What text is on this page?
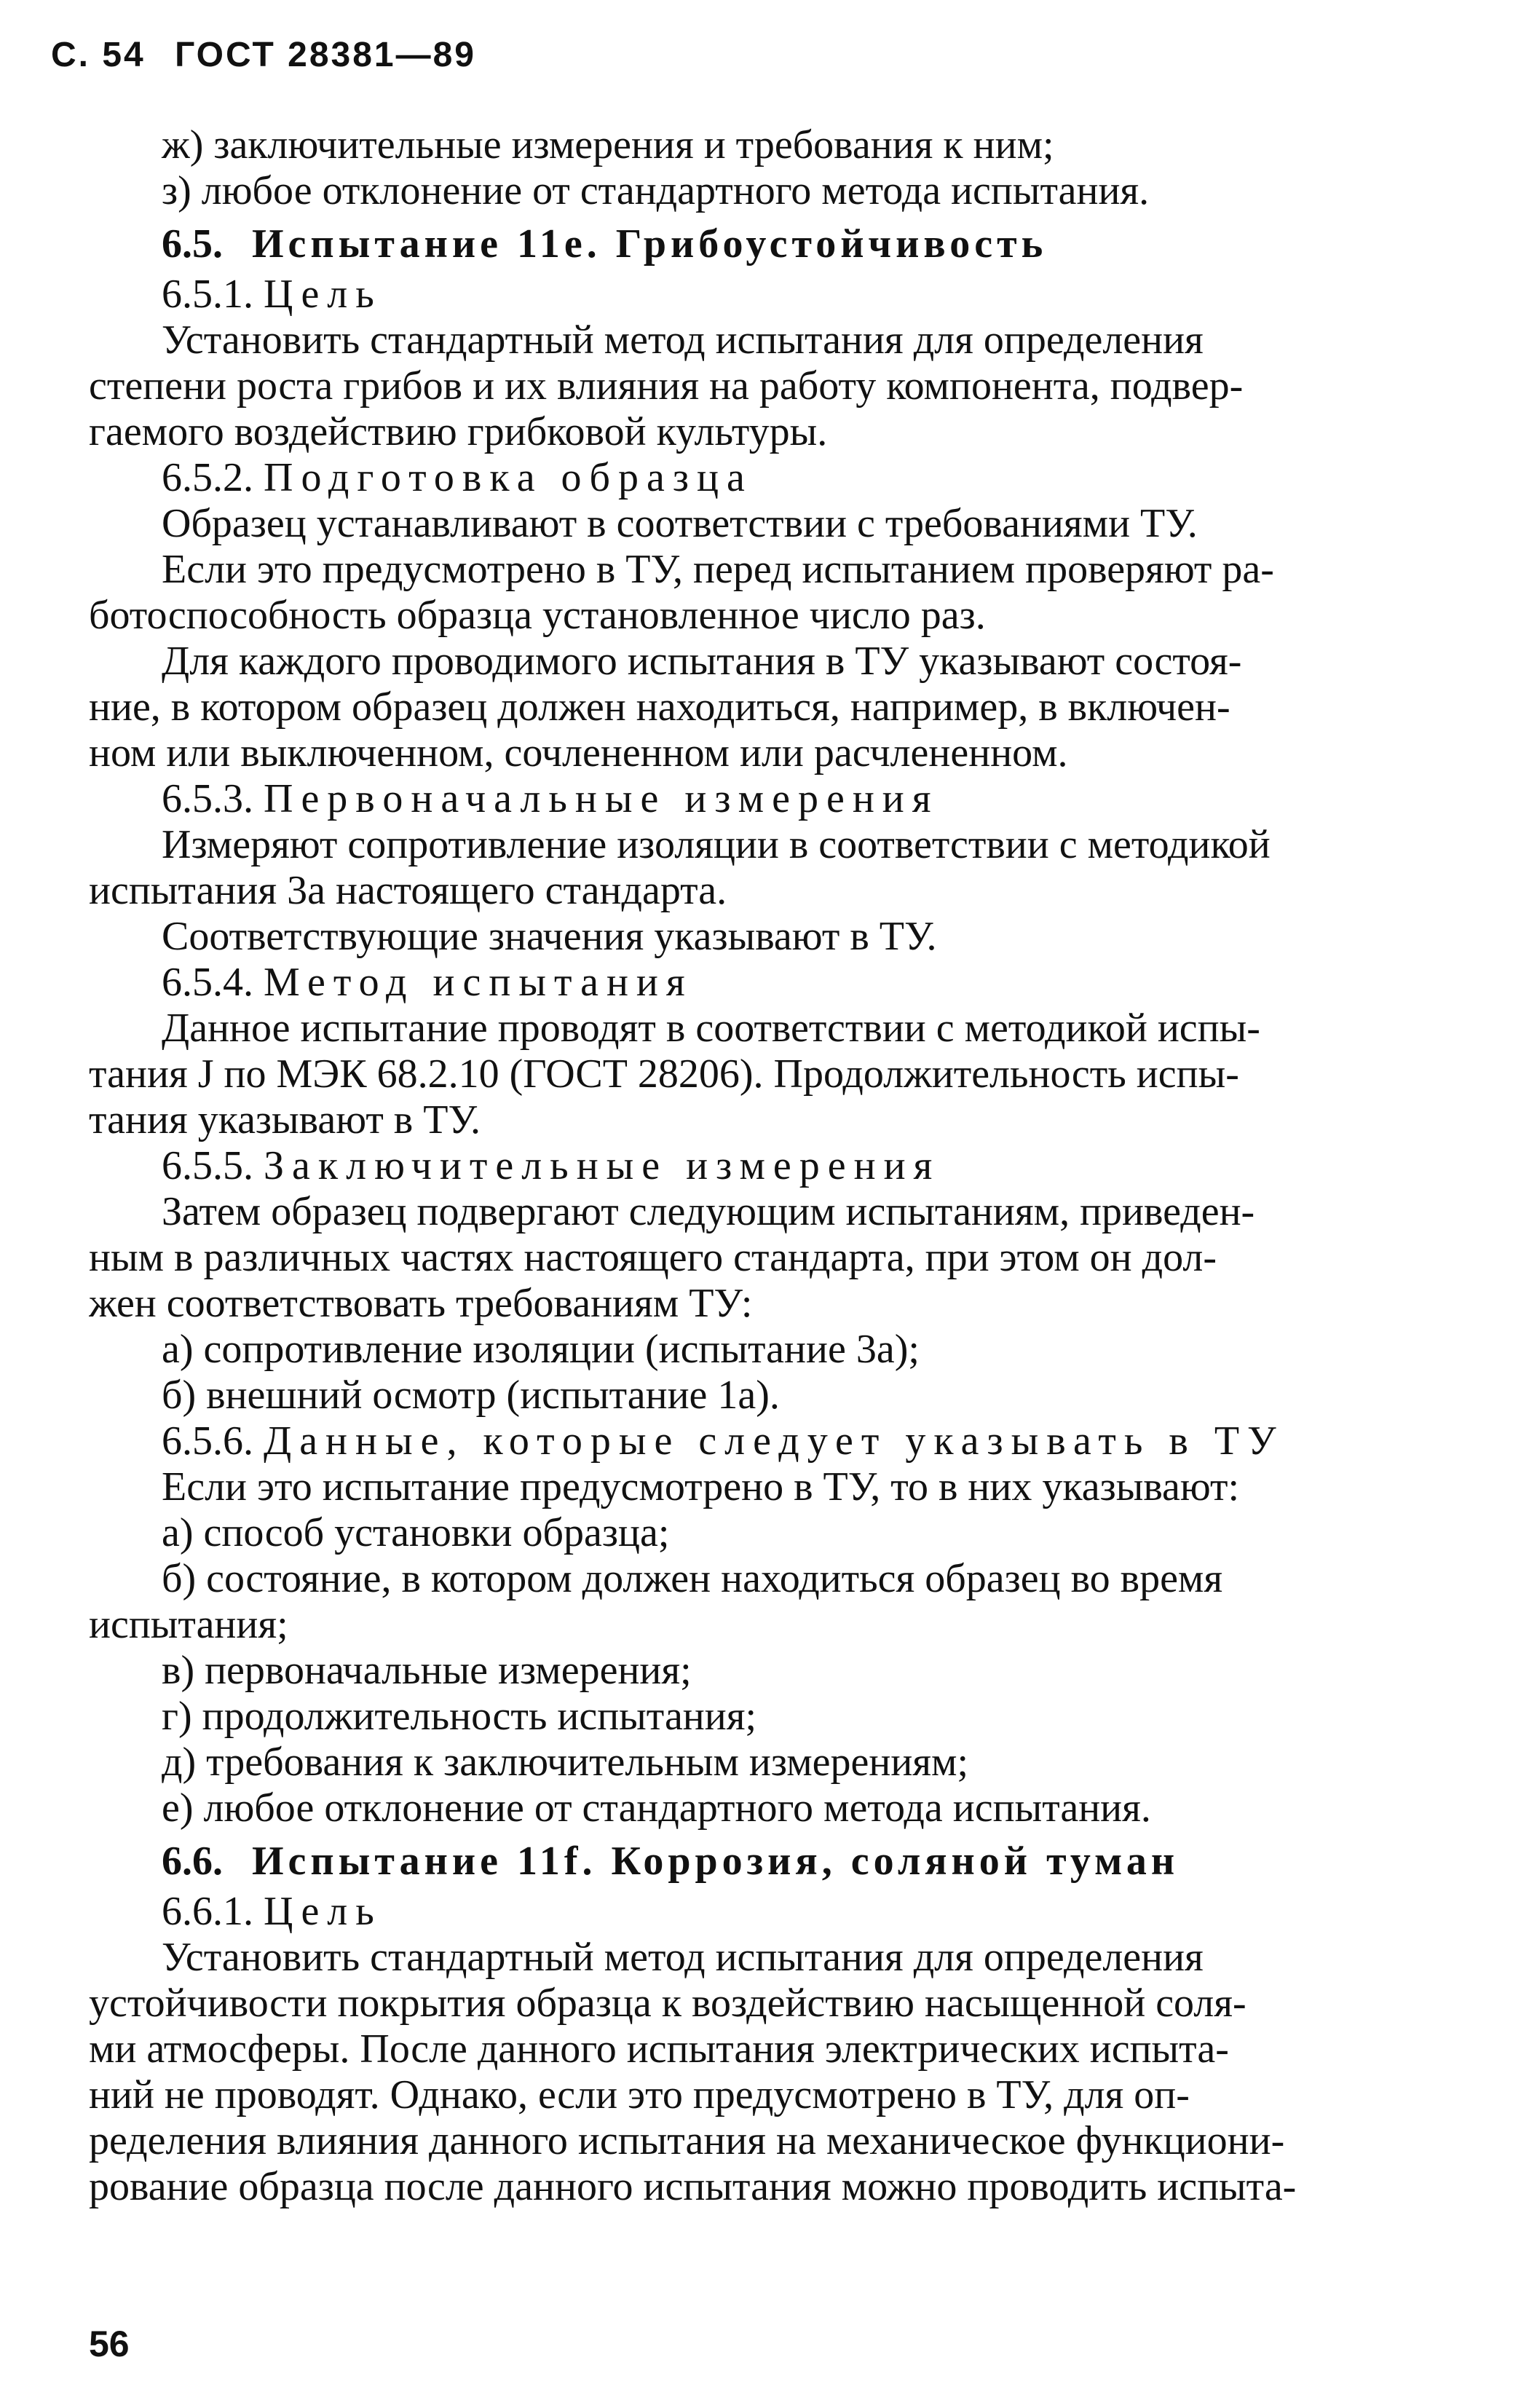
С. 54 ГОСТ 28381—89
ж) заключительные измерения и требования к ним;
з) любое отклонение от стандартного метода испытания.
6.5. Испытание 11е. Грибоустойчивость
6.5.1. Цель
Установить стандартный метод испытания для определения
степени роста грибов и их влияния на работу компонента, подвер-
гаемого воздействию грибковой культуры.
6.5.2. Подготовка образца
Образец устанавливают в соответствии с требованиями ТУ.
Если это предусмотрено в ТУ, перед испытанием проверяют ра-
ботоспособность образца установленное число раз.
Для каждого проводимого испытания в ТУ указывают состоя-
ние, в котором образец должен находиться, например, в включен-
ном или выключенном, сочлененном или расчлененном.
6.5.3. Первоначальные измерения
Измеряют сопротивление изоляции в соответствии с методикой
испытания 3а настоящего стандарта.
Соответствующие значения указывают в ТУ.
6.5.4. Метод испытания
Данное испытание проводят в соответствии с методикой испы-
тания J по МЭК 68.2.10 (ГОСТ 28206). Продолжительность испы-
тания указывают в ТУ.
6.5.5. Заключительные измерения
Затем образец подвергают следующим испытаниям, приведен-
ным в различных частях настоящего стандарта, при этом он дол-
жен соответствовать требованиям ТУ:
а) сопротивление изоляции (испытание 3а);
б) внешний осмотр (испытание 1а).
6.5.6. Данные, которые следует указывать в ТУ
Если это испытание предусмотрено в ТУ, то в них указывают:
а) способ установки образца;
б) состояние, в котором должен находиться образец во время
испытания;
в) первоначальные измерения;
г) продолжительность испытания;
д) требования к заключительным измерениям;
е) любое отклонение от стандартного метода испытания.
6.6. Испытание 11f. Коррозия, соляной туман
6.6.1. Цель
Установить стандартный метод испытания для определения
устойчивости покрытия образца к воздействию насыщенной соля-
ми атмосферы. После данного испытания электрических испыта-
ний не проводят. Однако, если это предусмотрено в ТУ, для оп-
ределения влияния данного испытания на механическое функциони-
рование образца после данного испытания можно проводить испыта-
56
